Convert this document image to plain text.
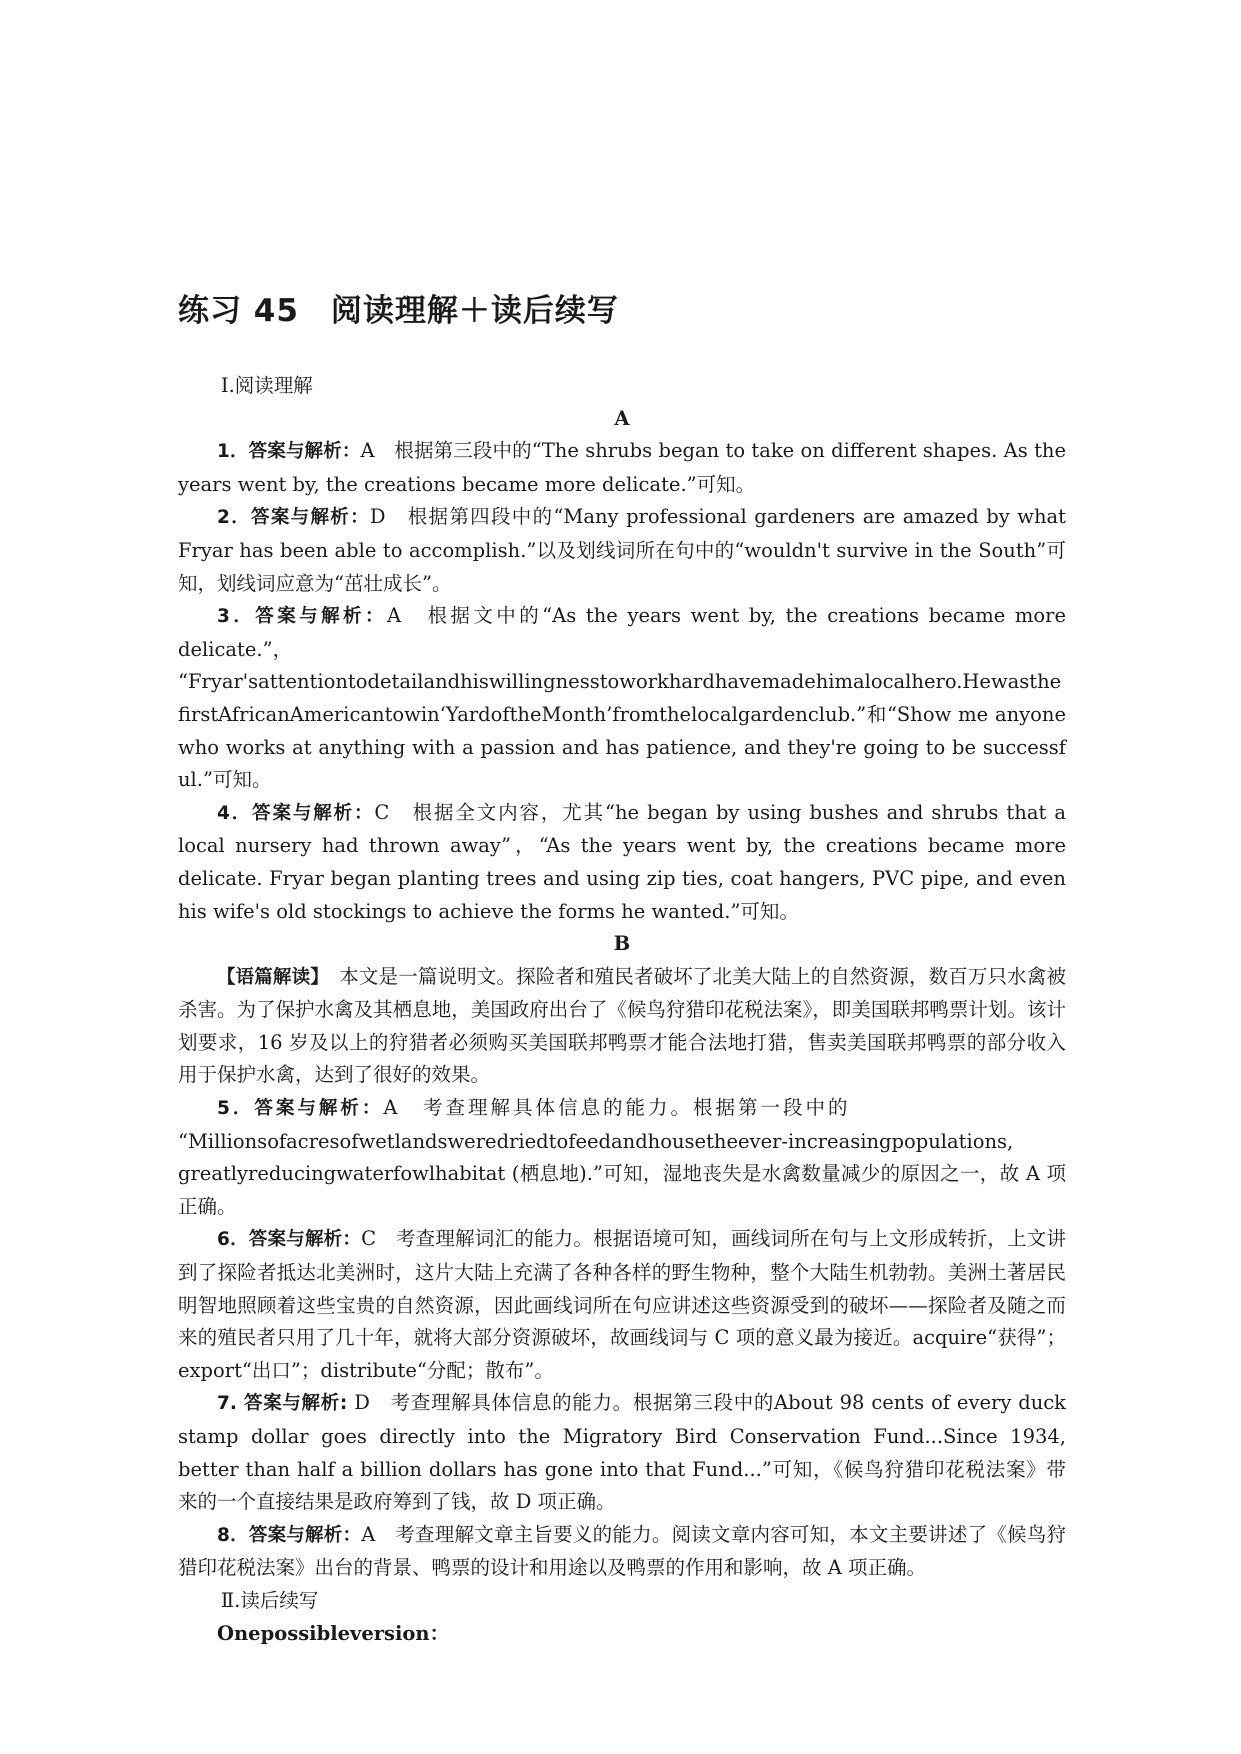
练习 45　阅读理解＋读后续写

Ⅰ.阅读理解

A

1．答案与解析：A　根据第三段中的“The shrubs began to take on different shapes. As the years went by, the creations became more delicate.”可知。

2．答案与解析：D　根据第四段中的“Many professional gardeners are amazed by what Fryar has been able to accomplish.”以及划线词所在句中的“wouldn't survive in the South”可知，划线词应意为“茁壮成长”。

3．答案与解析：A　根据文中的“As the years went by, the creations became more delicate.”，

“Fryar'sattentiontodetailandhiswillingnesstoworkhardhavemadehimalocalhero.HewasthefirstAfricanAmericantowin‘YardoftheMonth’fromthelocalgardenclub.”和“Show me anyone who works at anything with a passion and has patience, and they're going to be successful.”可知。

4．答案与解析：C　根据全文内容，尤其“he began by using bushes and shrubs that a local nursery had thrown away”，“As the years went by, the creations became more delicate. Fryar began planting trees and using zip ties, coat hangers, PVC pipe, and even his wife's old stockings to achieve the forms he wanted.”可知。

B

【语篇解读】　本文是一篇说明文。探险者和殖民者破坏了北美大陆上的自然资源，数百万只水禽被杀害。为了保护水禽及其栖息地，美国政府出台了《候鸟狩猎印花税法案》，即美国联邦鸭票计划。该计划要求，16 岁及以上的狩猎者必须购买美国联邦鸭票才能合法地打猎，售卖美国联邦鸭票的部分收入用于保护水禽，达到了很好的效果。

5．答案与解析：A　考查理解具体信息的能力。根据第一段中的

“Millionsofacresofwetlandsweredriedtofeedandhousetheever-increasingpopulations,

greatlyreducingwaterfowlhabitat (栖息地).”可知，湿地丧失是水禽数量减少的原因之一，故 A 项正确。

6．答案与解析：C　考查理解词汇的能力。根据语境可知，画线词所在句与上文形成转折，上文讲到了探险者抵达北美洲时，这片大陆上充满了各种各样的野生物种，整个大陆生机勃勃。美洲土著居民明智地照顾着这些宝贵的自然资源，因此画线词所在句应讲述这些资源受到的破坏——探险者及随之而来的殖民者只用了几十年，就将大部分资源破坏，故画线词与 C 项的意义最为接近。acquire“获得”；export“出口”；distribute“分配；散布”。

7. 答案与解析: D　考查理解具体信息的能力。根据第三段中的About 98 cents of every duck stamp dollar goes directly into the Migratory Bird Conservation Fund...Since 1934, better than half a billion dollars has gone into that Fund...”可知，《候鸟狩猎印花税法案》带来的一个直接结果是政府筹到了钱，故 D 项正确。

8．答案与解析：A　考查理解文章主旨要义的能力。阅读文章内容可知，本文主要讲述了《候鸟狩猎印花税法案》出台的背景、鸭票的设计和用途以及鸭票的作用和影响，故 A 项正确。

Ⅱ.读后续写

Onepossibleversion：
